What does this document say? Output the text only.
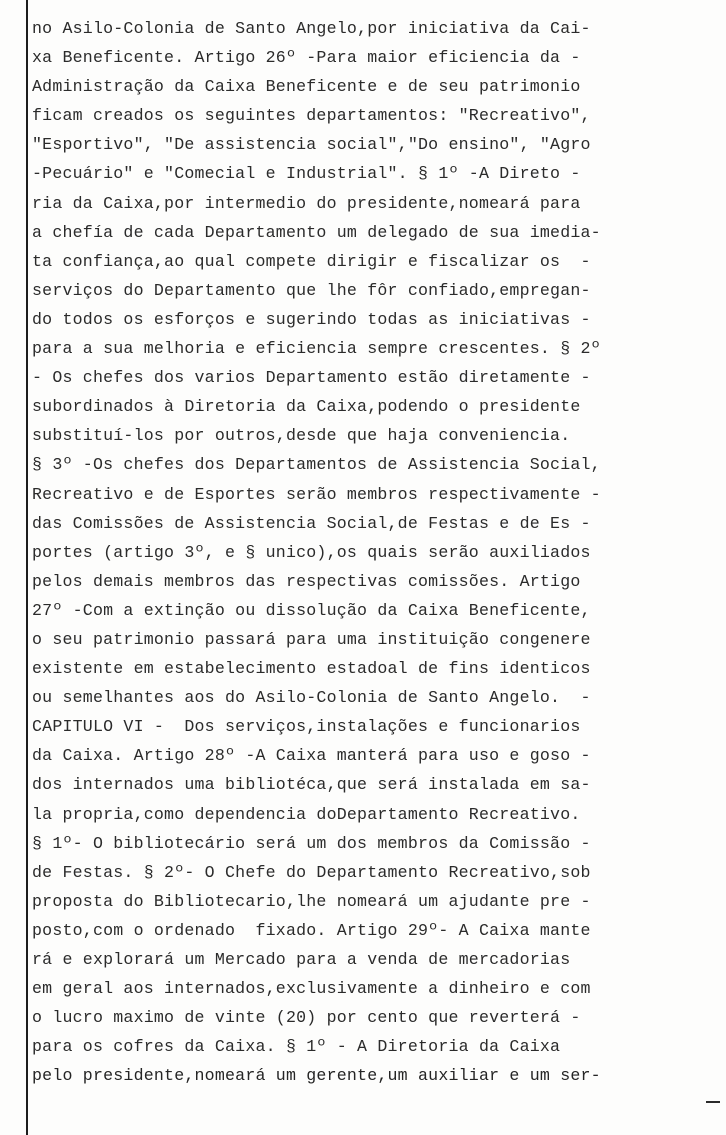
no Asilo-Colonia de Santo Angelo,por iniciativa da Cai-
xa Beneficente. Artigo 26º -Para maior eficiencia da -
Administração da Caixa Beneficente e de seu patrimonio
ficam creados os seguintes departamentos: "Recreativo",
"Esportivo", "De assistencia social","Do ensino", "Agro
-Pecuário" e "Comecial e Industrial". § 1º -A Direto -
ria da Caixa,por intermedio do presidente,nomeará para
a chefía de cada Departamento um delegado de sua imedia-
ta confiança,ao qual compete dirigir e fiscalizar os  -
serviços do Departamento que lhe fôr confiado,empregan-
do todos os esforços e sugerindo todas as iniciativas -
para a sua melhoria e eficiencia sempre crescentes. § 2º
- Os chefes dos varios Departamento estão diretamente -
subordinados à Diretoria da Caixa,podendo o presidente
substituí-los por outros,desde que haja conveniencia.
§ 3º -Os chefes dos Departamentos de Assistencia Social,
Recreativo e de Esportes serão membros respectivamente -
das Comissões de Assistencia Social,de Festas e de Es -
portes (artigo 3º, e § unico),os quais serão auxiliados
pelos demais membros das respectivas comissões. Artigo
27º -Com a extinção ou dissolução da Caixa Beneficente,
o seu patrimonio passará para uma instituição congenere
existente em estabelecimento estadoal de fins identicos
ou semelhantes aos do Asilo-Colonia de Santo Angelo.  -
CAPITULO VI -  Dos serviços,instalações e funcionarios
da Caixa. Artigo 28º -A Caixa manterá para uso e goso -
dos internados uma bibliotéca,que será instalada em sa-
la propria,como dependencia doDepartamento Recreativo.
§ 1º- O bibliotecário será um dos membros da Comissão -
de Festas. § 2º- O Chefe do Departamento Recreativo,sob
proposta do Bibliotecario,lhe nomeará um ajudante pre -
posto,com o ordenado  fixado. Artigo 29º- A Caixa mante
rá e explorará um Mercado para a venda de mercadorias
em geral aos internados,exclusivamente a dinheiro e com
o lucro maximo de vinte (20) por cento que reverterá -
para os cofres da Caixa. § 1º - A Diretoria da Caixa
pelo presidente,nomeará um gerente,um auxiliar e um ser-
